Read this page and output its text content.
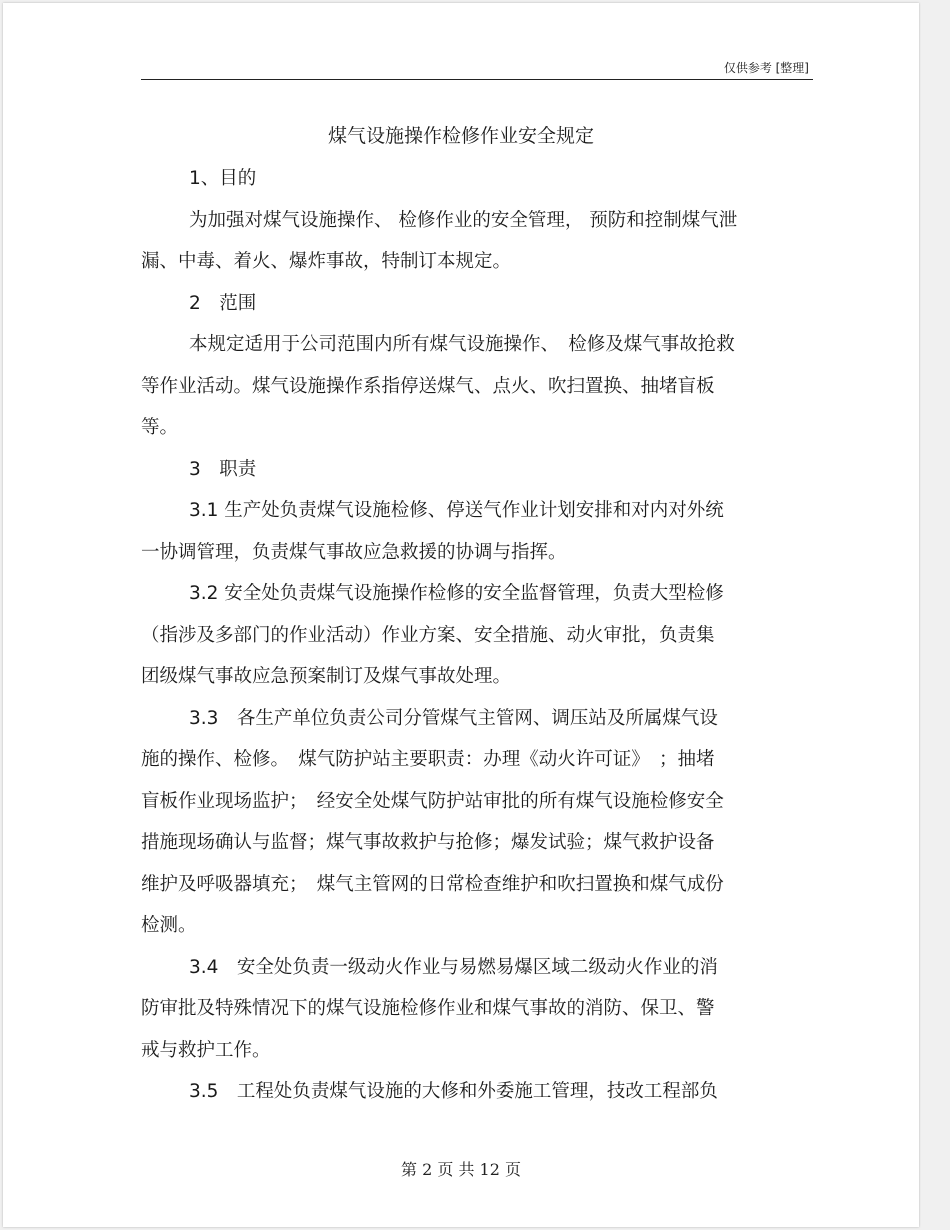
仅供参考 [整理]
煤气设施操作检修作业安全规定

1、目的

为加强对煤气设施操作、 检修作业的安全管理， 预防和控制煤气泄

漏、中毒、着火、爆炸事故，特制订本规定。

2　范围

本规定适用于公司范围内所有煤气设施操作、　检修及煤气事故抢救

等作业活动。煤气设施操作系指停送煤气、点火、吹扫置换、抽堵盲板

等。

3　职责

3.1 生产处负责煤气设施检修、停送气作业计划安排和对内对外统

一协调管理，负责煤气事故应急救援的协调与指挥。

3.2 安全处负责煤气设施操作检修的安全监督管理，负责大型检修

（指涉及多部门的作业活动）作业方案、安全措施、动火审批，负责集

团级煤气事故应急预案制订及煤气事故处理。

3.3　各生产单位负责公司分管煤气主管网、调压站及所属煤气设

施的操作、检修。　煤气防护站主要职责：办理《动火许可证》　；抽堵

盲板作业现场监护；　经安全处煤气防护站审批的所有煤气设施检修安全

措施现场确认与监督；煤气事故救护与抢修；爆发试验；煤气救护设备

维护及呼吸器填充；　煤气主管网的日常检查维护和吹扫置换和煤气成份

检测。

3.4　安全处负责一级动火作业与易燃易爆区域二级动火作业的消

防审批及特殊情况下的煤气设施检修作业和煤气事故的消防、保卫、警

戒与救护工作。

3.5　工程处负责煤气设施的大修和外委施工管理，技改工程部负

第 2 页 共 12 页
